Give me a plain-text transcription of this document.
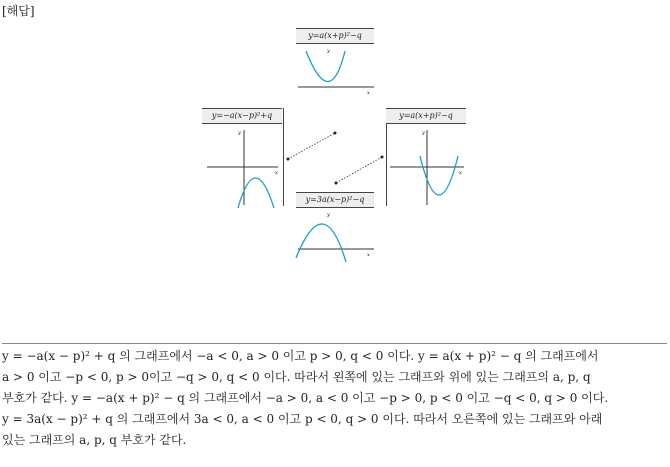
[해답]
y=a(x+p)²−q
y
x
y=−a(x−p)²+q
y
x
y=a(x+p)²−q
y
x
y=3a(x−p)²−q
y
x

y = −a(x − p)² + q 의 그래프에서 −a < 0, a > 0 이고 p > 0, q < 0 이다. y = a(x + p)² − q 의 그래프에서

a > 0 이고 −p < 0, p > 0이고 −q > 0, q < 0 이다. 따라서 왼쪽에 있는 그래프와 위에 있는 그래프의 a, p, q

부호가 같다. y = −a(x + p)² − q 의 그래프에서 −a > 0, a < 0 이고 −p > 0, p < 0 이고 −q < 0, q > 0 이다.

y = 3a(x − p)² + q 의 그래프에서 3a < 0, a < 0 이고 p < 0, q > 0 이다. 따라서 오른쪽에 있는 그래프와 아래

있는 그래프의 a, p, q 부호가 같다.
